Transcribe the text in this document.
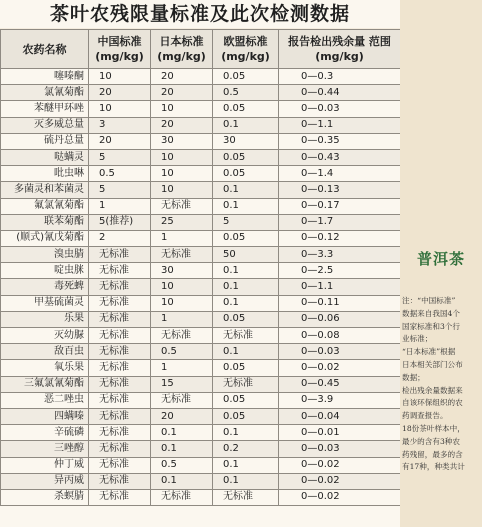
茶叶农残限量标准及此次检测数据
农药名称	中国标准 (mg/kg)	日本标准 (mg/kg)	欧盟标准 (mg/kg)	报告检出残余量 范围 (mg/kg)
噻嗪酮	10	20	0.05	0—0.3
氯氰菊酯	20	20	0.5	0—0.44
苯醚甲环唑	10	10	0.05	0—0.03
灭多威总量	3	20	0.1	0—1.1
硫丹总量	20	30	30	0—0.35
哒螨灵	5	10	0.05	0—0.43
吡虫啉	0.5	10	0.05	0—1.4
多菌灵和苯菌灵	5	10	0.1	0—0.13
氟氯氰菊酯	1	无标准	0.1	0—0.17
联苯菊酯	5(推荐)	25	5	0—1.7
(顺式)氰戊菊酯	2	1	0.05	0—0.12
溴虫腈	无标准	无标准	50	0—3.3
啶虫脒	无标准	30	0.1	0—2.5
毒死蜱	无标准	10	0.1	0—1.1
甲基硫菌灵	无标准	10	0.1	0—0.11
乐果	无标准	1	0.05	0—0.06
灭幼脲	无标准	无标准	无标准	0—0.08
敌百虫	无标准	0.5	0.1	0—0.03
氧乐果	无标准	1	0.05	0—0.02
三氟氯氰菊酯	无标准	15	无标准	0—0.45
恶二唑虫	无标准	无标准	0.05	0—3.9
四螨嗪	无标准	20	0.05	0—0.04
辛硫磷	无标准	0.1	0.1	0—0.01
三唑醇	无标准	0.1	0.2	0—0.03
仲丁威	无标准	0.5	0.1	0—0.02
异丙威	无标准	0.1	0.1	0—0.02
杀螟腈	无标准	无标准	无标准	0—0.02
普洱茶
注：“中国标准”
数据来自我国4个
国家标准和3个行
业标准；
“日本标准”根据
日本相关部门公布
数据；
检出残余量数据来
自该环保组织的农
药调查报告。
18份茶叶样本中，
最少的含有3种农
药残留，最多的含
有17种，种类共计
